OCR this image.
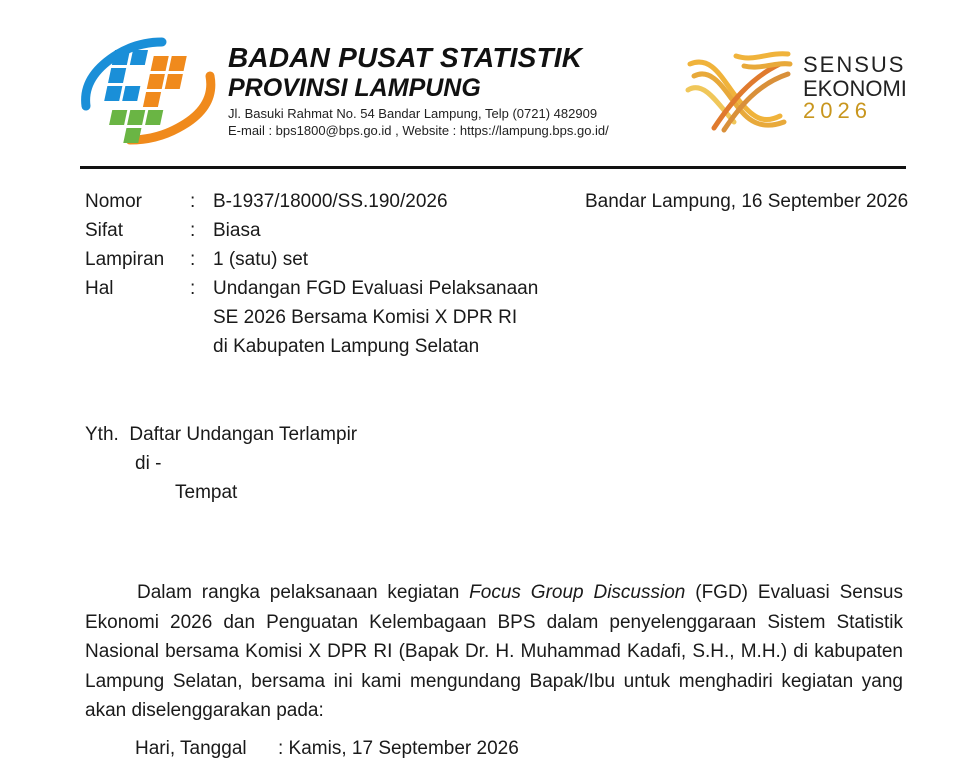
BADAN PUSAT STATISTIK
PROVINSI LAMPUNG
Jl. Basuki Rahmat No. 54 Bandar Lampung, Telp (0721) 482909
E-mail : bps1800@bps.go.id , Website : https://lampung.bps.go.id/
SENSUS
EKONOMI
2026
Nomor	: B-1937/18000/SS.190/2026	Bandar Lampung, 16 September 2026
Sifat	: Biasa
Lampiran : 1 (satu) set
Hal	: Undangan FGD Evaluasi Pelaksanaan
SE 2026 Bersama Komisi X DPR RI
di Kabupaten Lampung Selatan
Yth.  Daftar Undangan Terlampir
di -
Tempat
Dalam rangka pelaksanaan kegiatan Focus Group Discussion (FGD) Evaluasi Sensus Ekonomi 2026 dan Penguatan Kelembagaan BPS dalam penyelenggaraan Sistem Statistik Nasional bersama Komisi X DPR RI (Bapak Dr. H. Muhammad Kadafi, S.H., M.H.) di kabupaten Lampung Selatan, bersama ini kami mengundang Bapak/Ibu untuk menghadiri kegiatan yang akan diselenggarakan pada:
Hari, Tanggal : Kamis, 17 September 2026
